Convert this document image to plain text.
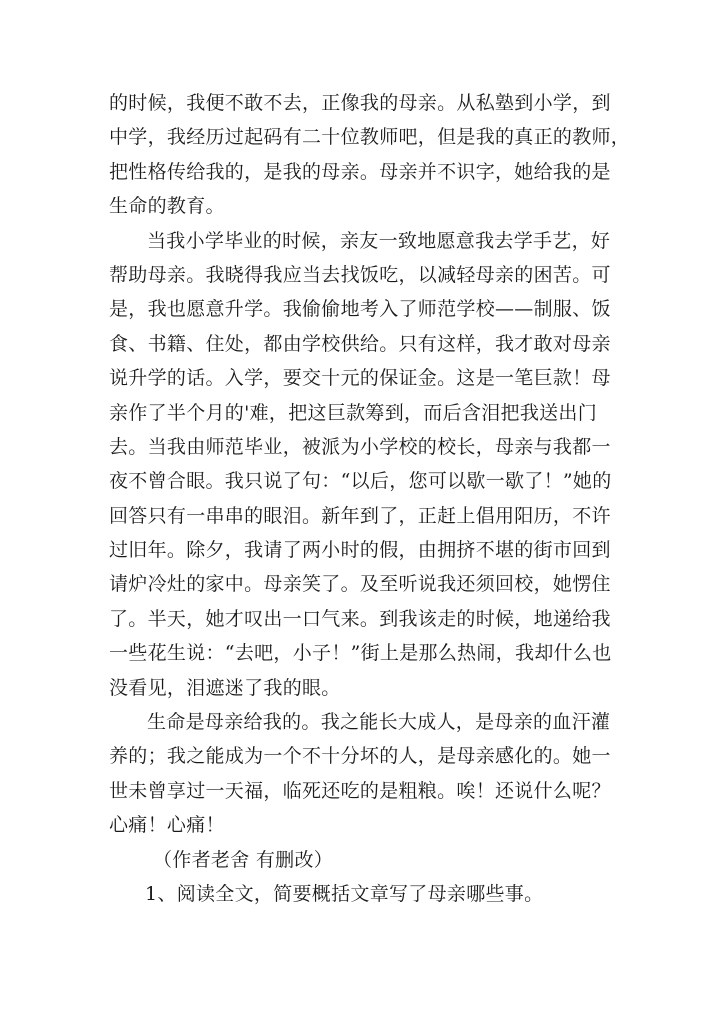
的时候，我便不敢不去，正像我的母亲。从私塾到小学，到
中学，我经历过起码有二十位教师吧，但是我的真正的教师，
把性格传给我的，是我的母亲。母亲并不识字，她给我的是
生命的教育。
当我小学毕业的时候，亲友一致地愿意我去学手艺，好
帮助母亲。我晓得我应当去找饭吃，以减轻母亲的困苦。可
是，我也愿意升学。我偷偷地考入了师范学校——制服、饭
食、书籍、住处，都由学校供给。只有这样，我才敢对母亲
说升学的话。入学，要交十元的保证金。这是一笔巨款！母
亲作了半个月的'难，把这巨款筹到，而后含泪把我送出门
去。当我由师范毕业，被派为小学校的校长，母亲与我都一
夜不曾合眼。我只说了句：“以后，您可以歇一歇了！”她的
回答只有一串串的眼泪。新年到了，正赶上倡用阳历，不许
过旧年。除夕，我请了两小时的假，由拥挤不堪的街市回到
请炉冷灶的家中。母亲笑了。及至听说我还须回校，她愣住
了。半天，她才叹出一口气来。到我该走的时候，地递给我
一些花生说：“去吧，小子！”街上是那么热闹，我却什么也
没看见，泪遮迷了我的眼。
生命是母亲给我的。我之能长大成人，是母亲的血汗灌
养的；我之能成为一个不十分坏的人，是母亲感化的。她一
世未曾享过一天福，临死还吃的是粗粮。唉！还说什么呢？
心痛！心痛！
（作者老舍 有删改）
1、阅读全文，简要概括文章写了母亲哪些事。
